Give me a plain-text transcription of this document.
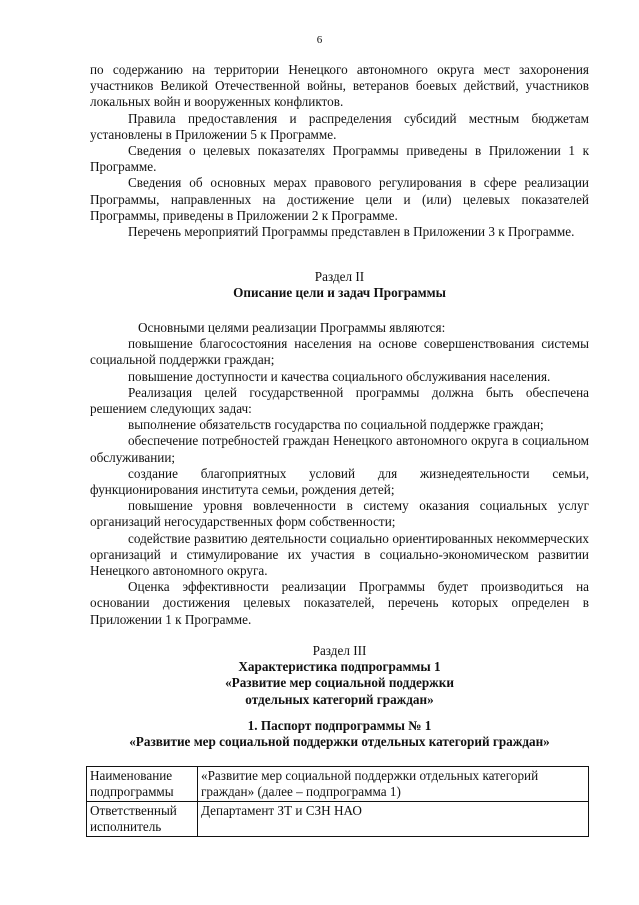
6

по содержанию на территории Ненецкого автономного округа мест захоронения участников Великой Отечественной войны, ветеранов боевых действий, участников локальных войн и вооруженных конфликтов.

Правила предоставления и распределения субсидий местным бюджетам установлены в Приложении 5 к Программе.

Сведения о целевых показателях Программы приведены в Приложении 1 к Программе.

Сведения об основных мерах правового регулирования в сфере реализации Программы, направленных на достижение цели и (или) целевых показателей Программы, приведены в Приложении 2 к Программе.

Перечень мероприятий Программы представлен в Приложении 3 к Программе.

Раздел II

Описание цели и задач Программы

Основными целями реализации Программы являются:

повышение благосостояния населения на основе совершенствования системы социальной поддержки граждан;

повышение доступности и качества социального обслуживания населения.

Реализация целей государственной программы должна быть обеспечена решением следующих задач:

выполнение обязательств государства по социальной поддержке граждан;

обеспечение потребностей граждан Ненецкого автономного округа в социальном обслуживании;

создание благоприятных условий для жизнедеятельности семьи, функционирования института семьи, рождения детей;

повышение уровня вовлеченности в систему оказания социальных услуг организаций негосударственных форм собственности;

содействие развитию деятельности социально ориентированных некоммерческих организаций и стимулирование их участия в социально-экономическом развитии Ненецкого автономного округа.

Оценка эффективности реализации Программы будет производиться на основании достижения целевых показателей, перечень которых определен в Приложении 1 к Программе.

Раздел III

Характеристика подпрограммы 1

«Развитие мер социальной поддержки

отдельных категорий граждан»

1. Паспорт подпрограммы № 1

«Развитие мер социальной поддержки отдельных категорий граждан»

Наименование подпрограммы	«Развитие мер социальной поддержки отдельных категорий граждан» (далее – подпрограмма 1)
Ответственный исполнитель	Департамент ЗТ и СЗН НАО
